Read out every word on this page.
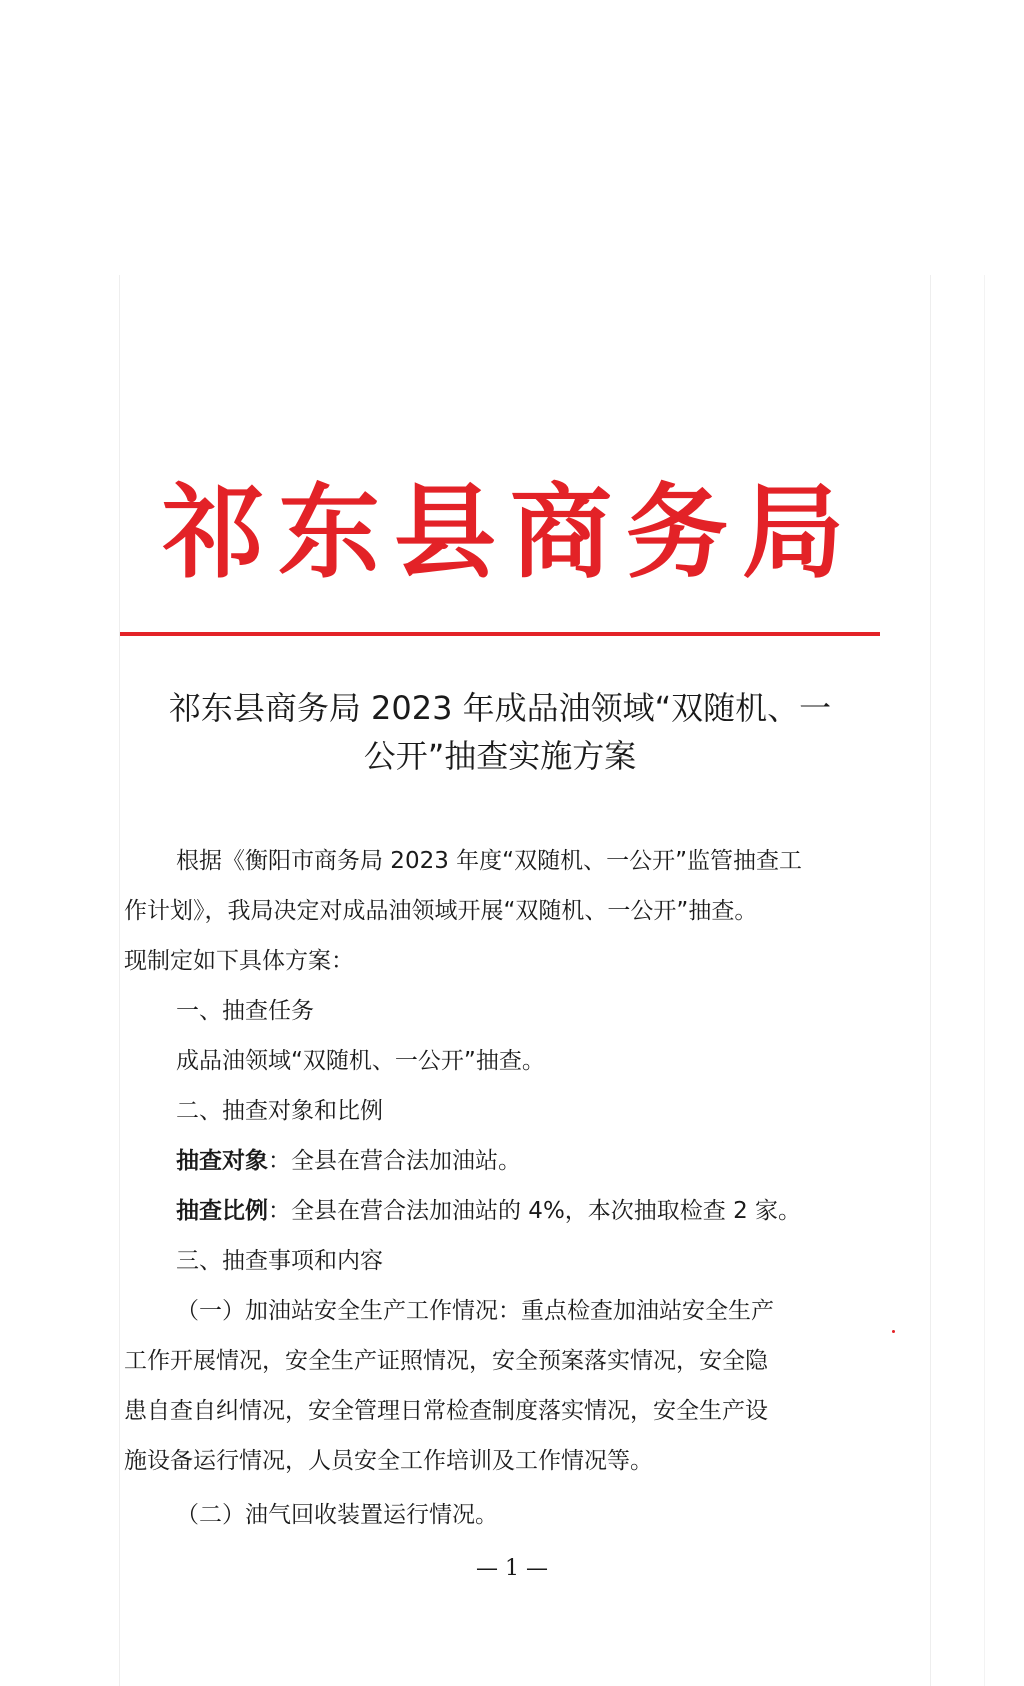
祁东县商务局
祁东县商务局 2023 年成品油领域“双随机、一
公开”抽查实施方案
根据《衡阳市商务局 2023 年度“双随机、一公开”监管抽查工
作计划》，我局决定对成品油领域开展“双随机、一公开”抽查。
现制定如下具体方案：
一、抽查任务
成品油领域“双随机、一公开”抽查。
二、抽查对象和比例
抽查对象：全县在营合法加油站。
抽查比例：全县在营合法加油站的 4%，本次抽取检查 2 家。
三、抽查事项和内容
（一）加油站安全生产工作情况：重点检查加油站安全生产
工作开展情况，安全生产证照情况，安全预案落实情况，安全隐
患自查自纠情况，安全管理日常检查制度落实情况，安全生产设
施设备运行情况，人员安全工作培训及工作情况等。
（二）油气回收装置运行情况。
— 1 —
